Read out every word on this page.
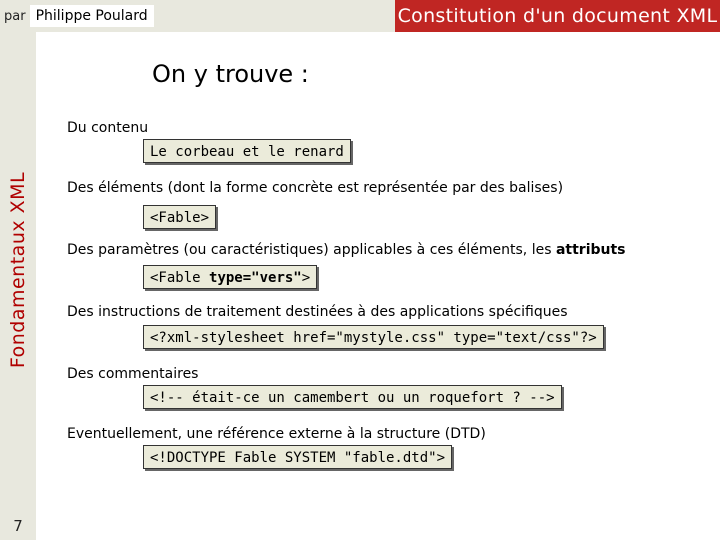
par Philippe Poulard	Constitution d'un document XML
Fondamentaux XML
7
On y trouve :
Du contenu
Le corbeau et le renard
Des éléments (dont la forme concrète est représentée par des balises)
<Fable>
Des paramètres (ou caractéristiques) applicables à ces éléments, les attributs
<Fable type="vers">
Des instructions de traitement destinées à des applications spécifiques
<?xml-stylesheet href="mystyle.css" type="text/css"?>
Des commentaires
<!-- était-ce un camembert ou un roquefort ? -->
Eventuellement, une référence externe à la structure (DTD)
<!DOCTYPE Fable SYSTEM "fable.dtd">
